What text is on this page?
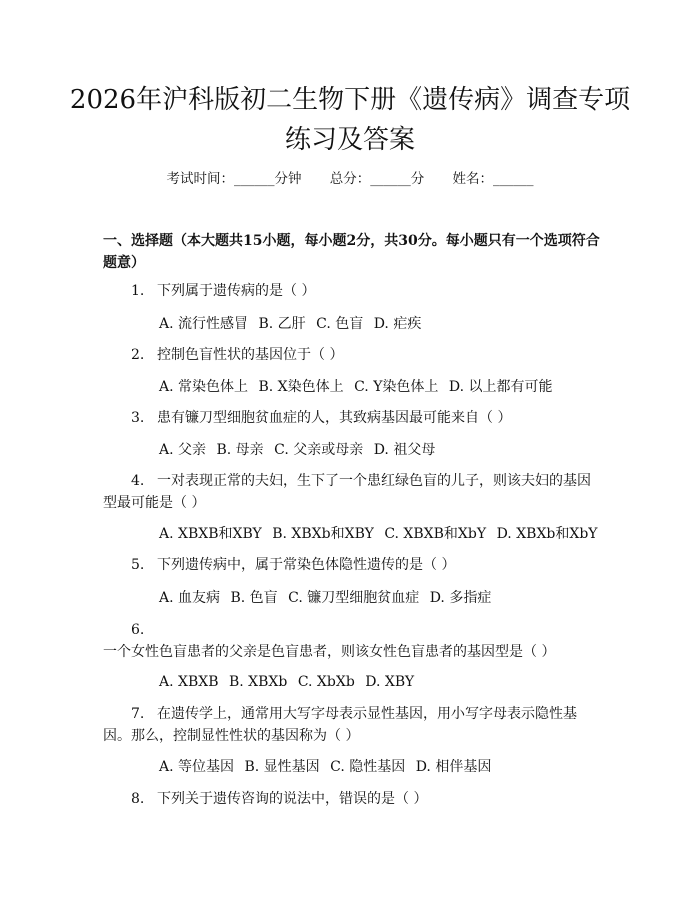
2026年沪科版初二生物下册《遗传病》调查专项练习及答案
考试时间：______分钟 总分：______分 姓名：______

一、选择题（本大题共15小题，每小题2分，共30分。每小题只有一个选项符合题意）

1. 下列属于遗传病的是（ ）
A. 流行性感冒 B. 乙肝 C. 色盲 D. 疟疾
2. 控制色盲性状的基因位于（ ）
A. 常染色体上 B. X染色体上 C. Y染色体上 D. 以上都有可能
3. 患有镰刀型细胞贫血症的人，其致病基因最可能来自（ ）
A. 父亲 B. 母亲 C. 父亲或母亲 D. 祖父母
4. 一对表现正常的夫妇，生下了一个患红绿色盲的儿子，则该夫妇的基因型最可能是（ ）
A. XBXB和XBY B. XBXb和XBY C. XBXB和XbY D. XBXb和XbY
5. 下列遗传病中，属于常染色体隐性遗传的是（ ）
A. 血友病 B. 色盲 C. 镰刀型细胞贫血症 D. 多指症
6.一个女性色盲患者的父亲是色盲患者，则该女性色盲患者的基因型是（ ）
A. XBXB B. XBXb C. XbXb D. XBY
7. 在遗传学上，通常用大写字母表示显性基因，用小写字母表示隐性基因。那么，控制显性性状的基因称为（ ）
A. 等位基因 B. 显性基因 C. 隐性基因 D. 相伴基因
8. 下列关于遗传咨询的说法中，错误的是（ ）
